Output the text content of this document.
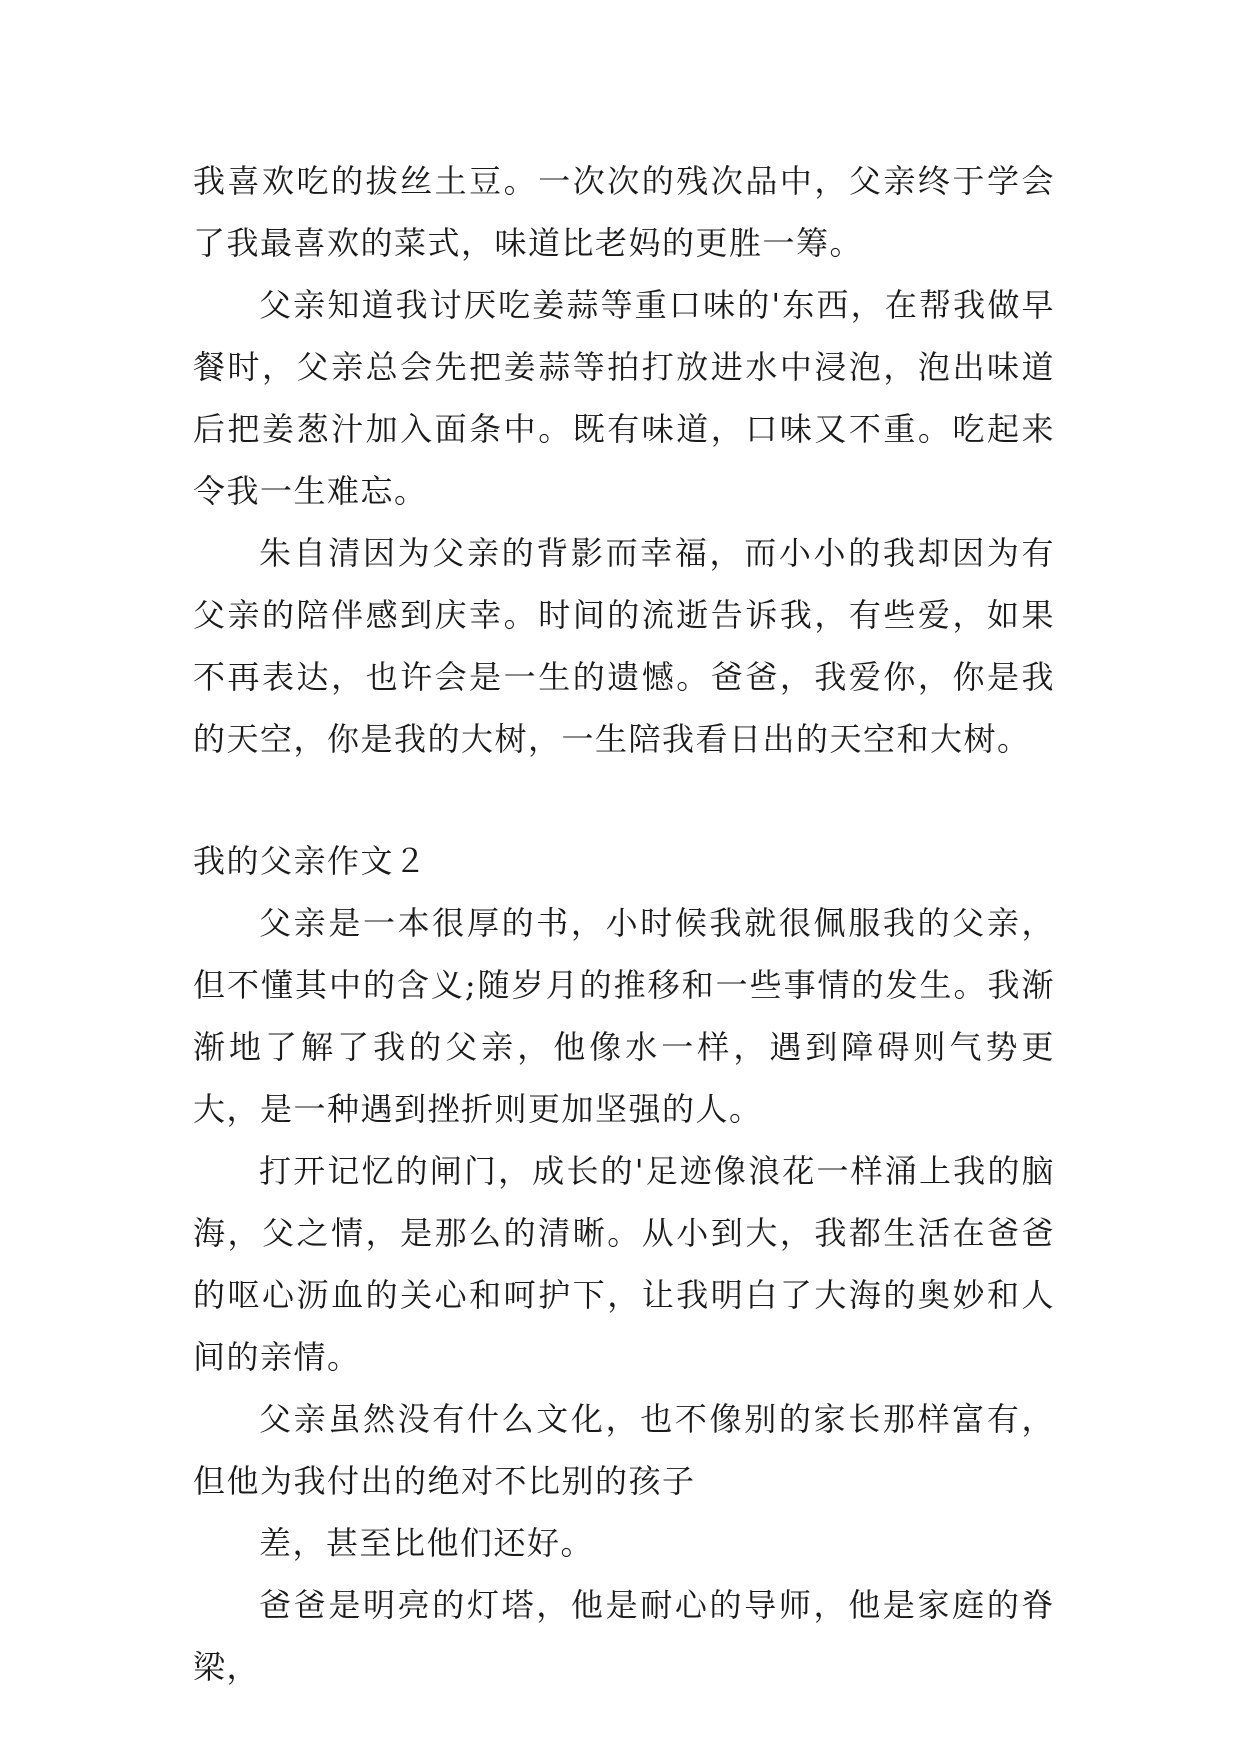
我喜欢吃的拔丝土豆。一次次的残次品中，父亲终于学会了我最喜欢的菜式，味道比老妈的更胜一筹。

父亲知道我讨厌吃姜蒜等重口味的'东西，在帮我做早餐时，父亲总会先把姜蒜等拍打放进水中浸泡，泡出味道后把姜葱汁加入面条中。既有味道，口味又不重。吃起来令我一生难忘。

朱自清因为父亲的背影而幸福，而小小的我却因为有父亲的陪伴感到庆幸。时间的流逝告诉我，有些爱，如果不再表达，也许会是一生的遗憾。爸爸，我爱你，你是我的天空，你是我的大树，一生陪我看日出的天空和大树。

我的父亲作文２

父亲是一本很厚的书，小时候我就很佩服我的父亲，但不懂其中的含义;随岁月的推移和一些事情的发生。我渐渐地了解了我的父亲，他像水一样，遇到障碍则气势更大，是一种遇到挫折则更加坚强的人。

打开记忆的闸门，成长的'足迹像浪花一样涌上我的脑海，父之情，是那么的清晰。从小到大，我都生活在爸爸的呕心沥血的关心和呵护下，让我明白了大海的奥妙和人间的亲情。

父亲虽然没有什么文化，也不像别的家长那样富有，但他为我付出的绝对不比别的孩子

差，甚至比他们还好。

爸爸是明亮的灯塔，他是耐心的导师，他是家庭的脊梁，
